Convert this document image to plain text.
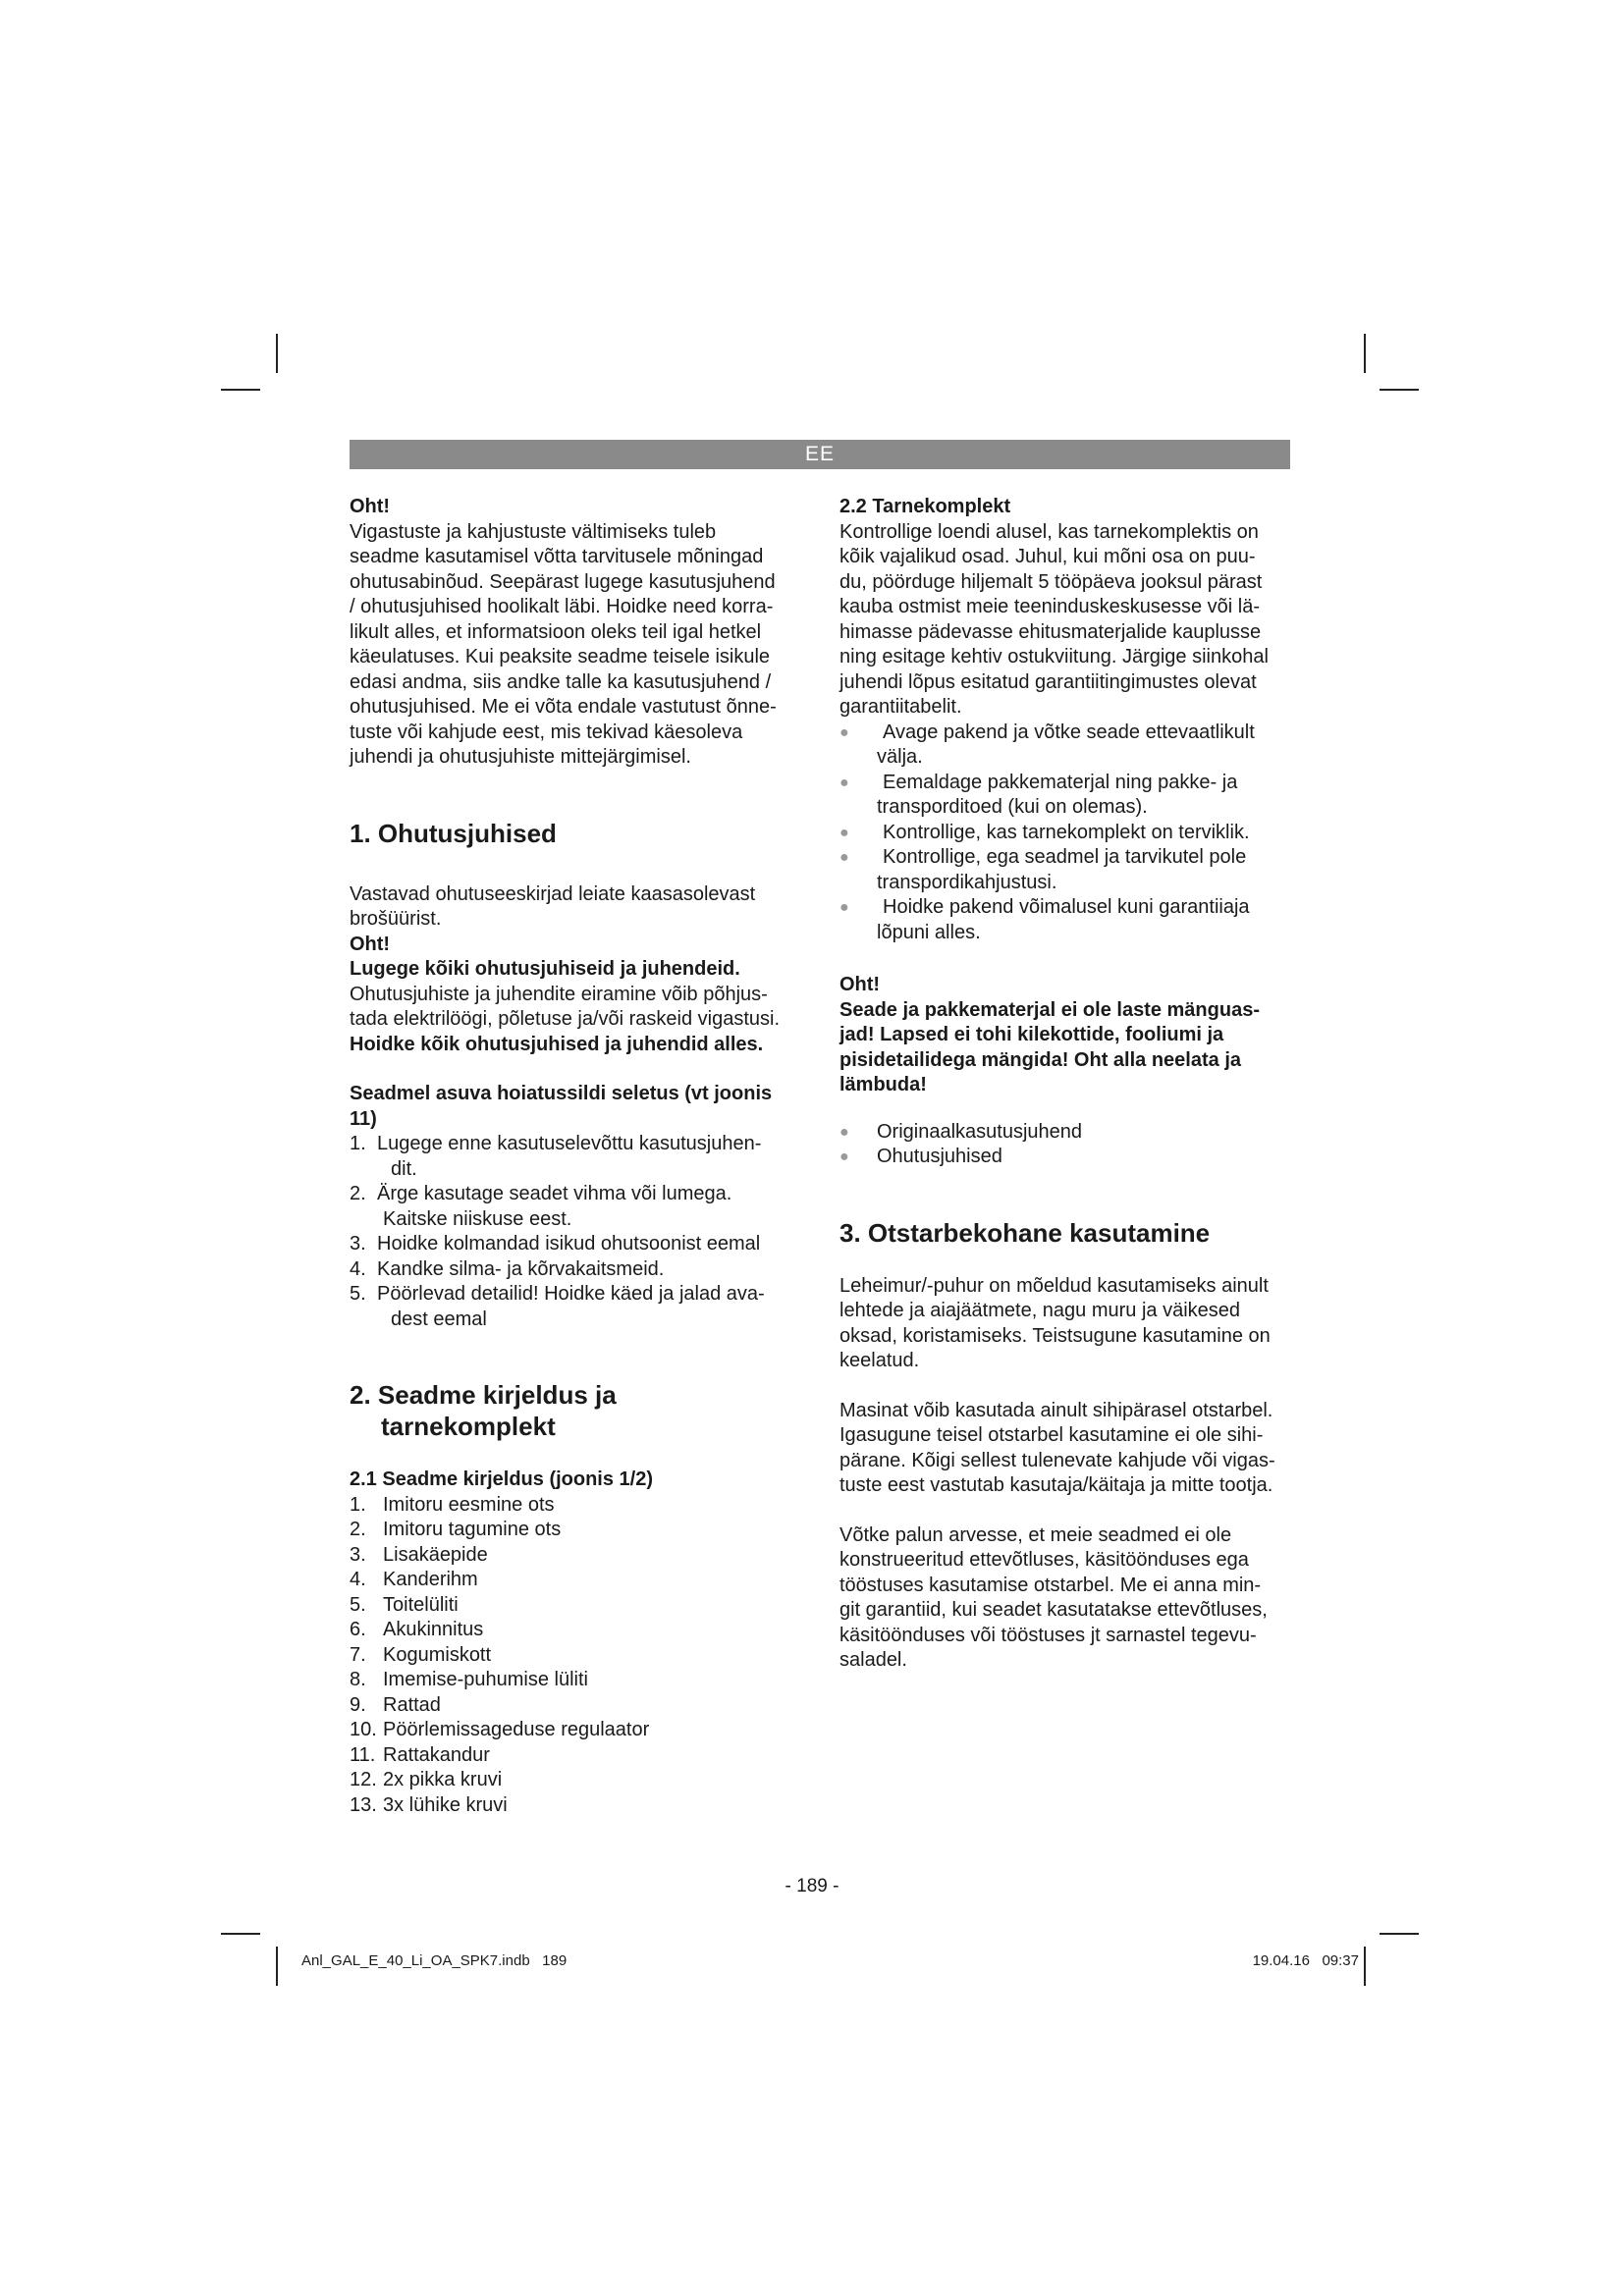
EE

Oht!

Vigastuste ja kahjustuste vältimiseks tuleb

seadme kasutamisel võtta tarvitusele mõningad

ohutusabinõud. Seepärast lugege kasutusjuhend

/ ohutusjuhised hoolikalt läbi. Hoidke need korra-

likult alles, et informatsioon oleks teil igal hetkel

käeulatuses. Kui peaksite seadme teisele isikule

edasi andma, siis andke talle ka kasutusjuhend /

ohutusjuhised. Me ei võta endale vastutust õnne-

tuste või kahjude eest, mis tekivad käesoleva

juhendi ja ohutusjuhiste mittejärgimisel.

1. Ohutusjuhised

Vastavad ohutuseeskirjad leiate kaasasolevast

brošüürist.

Oht!

Lugege kõiki ohutusjuhiseid ja juhendeid.

Ohutusjuhiste ja juhendite eiramine võib põhjus-

tada elektrilöögi, põletuse ja/või raskeid vigastusi.

Hoidke kõik ohutusjuhised ja juhendid alles.

Seadmel asuva hoiatussildi seletus (vt joonis

11)

1. Lugege enne kasutuselevõttu kasutusjuhen-
dit.
2. Ärge kasutage seadet vihma või lumega.
Kaitske niiskuse eest.
3. Hoidke kolmandad isikud ohutsoonist eemal
4. Kandke silma- ja kõrvakaitsmeid.
5. Pöörlevad detailid! Hoidke käed ja jalad ava-
dest eemal
2. Seadme kirjeldus ja
tarnekomplekt

2.1 Seadme kirjeldus (joonis 1/2)

1. Imitoru eesmine ots
2. Imitoru tagumine ots
3. Lisakäepide
4. Kanderihm
5. Toitelüliti
6. Akukinnitus
7. Kogumiskott
8. Imemise-puhumise lüliti
9. Rattad
10. Pöörlemissageduse regulaator
11. Rattakandur
12. 2x pikka kruvi
13. 3x lühike kruvi

2.2 Tarnekomplekt

Kontrollige loendi alusel, kas tarnekomplektis on

kõik vajalikud osad. Juhul, kui mõni osa on puu-

du, pöörduge hiljemalt 5 tööpäeva jooksul pärast

kauba ostmist meie teeninduskeskusesse või lä-

himasse pädevasse ehitusmaterjalide kauplusse

ning esitage kehtiv ostukviitung. Järgige siinkohal

juhendi lõpus esitatud garantiitingimustes olevat

garantiitabelit.

●	Avage pakend ja võtke seade ettevaatlikult
välja.
●	Eemaldage pakkematerjal ning pakke- ja
transporditoed (kui on olemas).
●	Kontrollige, kas tarnekomplekt on terviklik.
●	Kontrollige, ega seadmel ja tarvikutel pole
transpordikahjustusi.
●	Hoidke pakend võimalusel kuni garantiiaja
lõpuni alles.

Oht!

Seade ja pakkematerjal ei ole laste mänguas-

jad! Lapsed ei tohi kilekottide, fooliumi ja

pisidetailidega mängida! Oht alla neelata ja

lämbuda!

●	Originaalkasutusjuhend
●	Ohutusjuhised
3. Otstarbekohane kasutamine

Leheimur/-puhur on mõeldud kasutamiseks ainult

lehtede ja aiajäätmete, nagu muru ja väikesed

oksad, koristamiseks. Teistsugune kasutamine on

keelatud.

Masinat võib kasutada ainult sihipärasel otstarbel.

Igasugune teisel otstarbel kasutamine ei ole sihi-

pärane. Kõigi sellest tulenevate kahjude või vigas-

tuste eest vastutab kasutaja/käitaja ja mitte tootja.

Võtke palun arvesse, et meie seadmed ei ole

konstrueeritud ettevõtluses, käsitöönduses ega

tööstuses kasutamise otstarbel. Me ei anna min-

git garantiid, kui seadet kasutatakse ettevõtluses,

käsitöönduses või tööstuses jt sarnastel tegevu-

saladel.

- 189 -
Anl_GAL_E_40_Li_OA_SPK7.indb   189	19.04.16   09:37
